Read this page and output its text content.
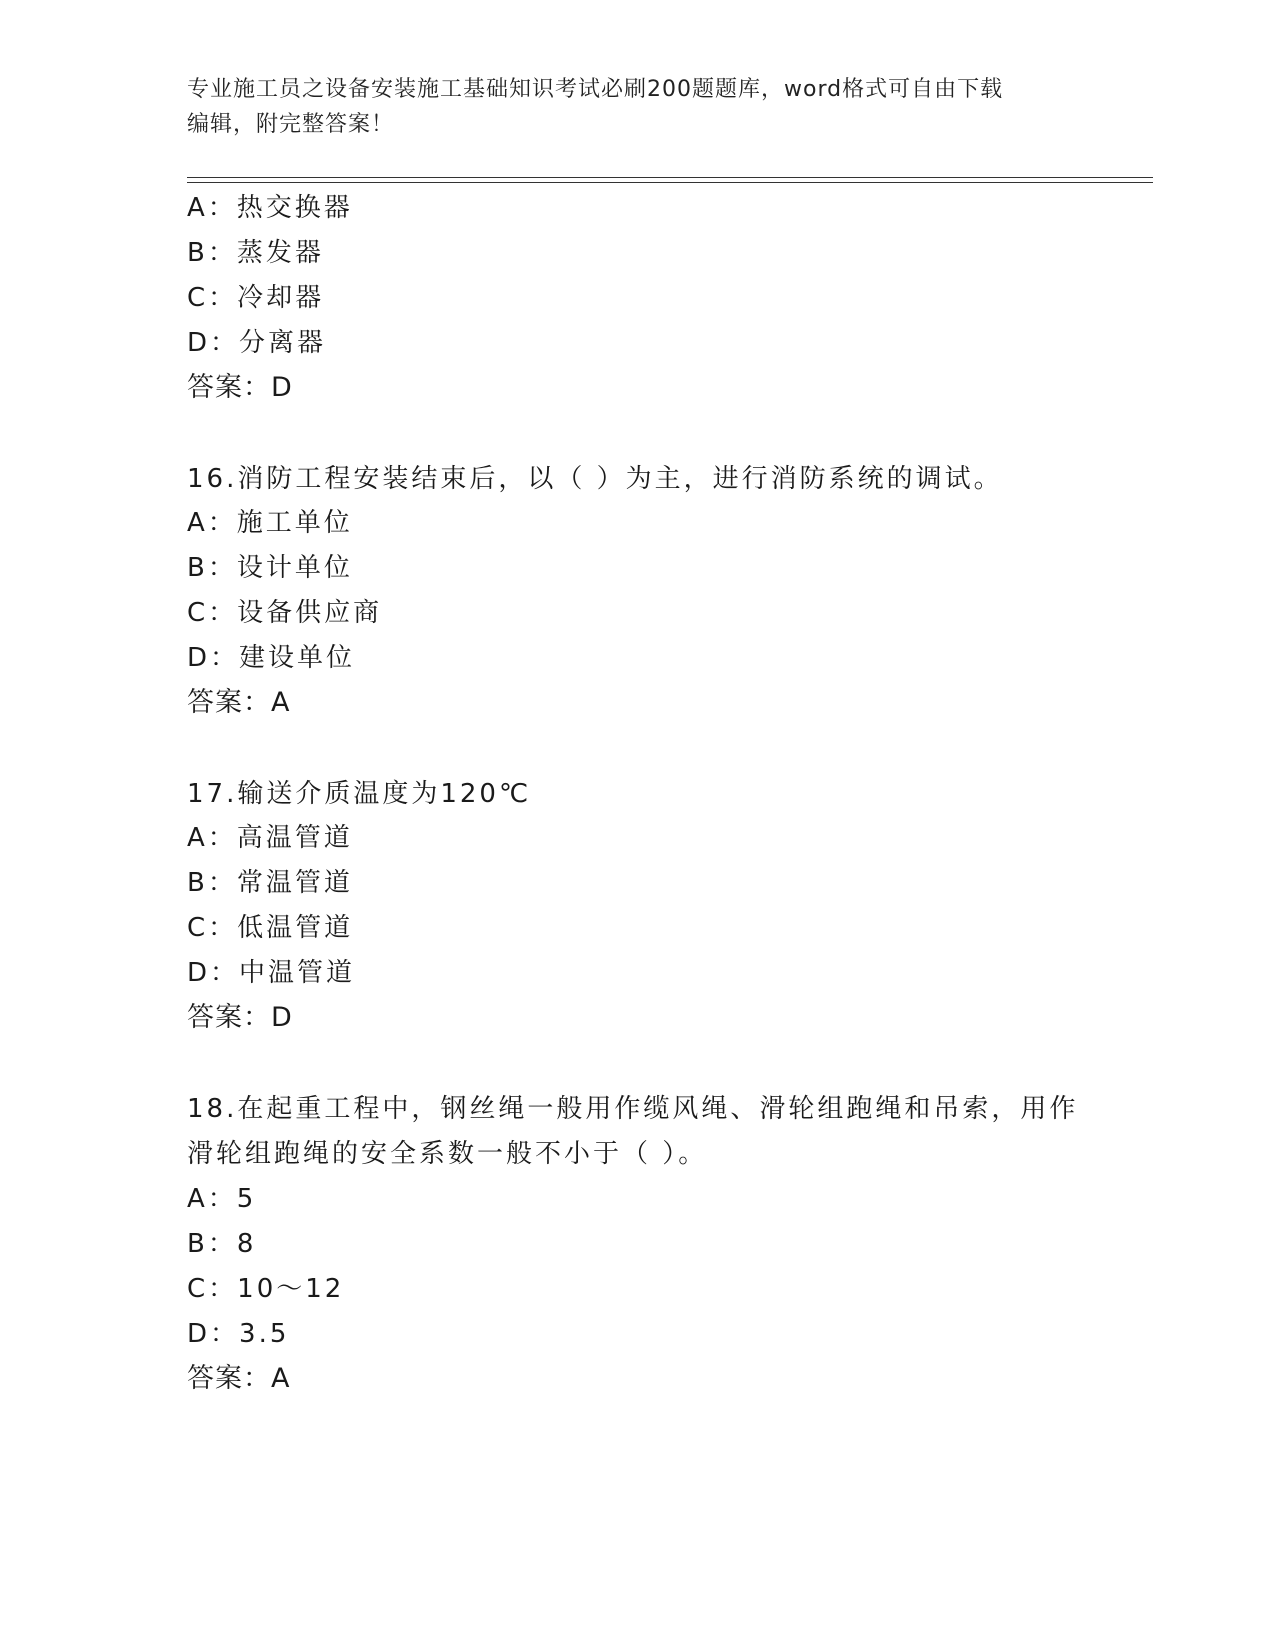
专业施工员之设备安装施工基础知识考试必刷200题题库，word格式可自由下载
编辑，附完整答案！
A：热交换器
B：蒸发器
C：冷却器
D：分离器
答案：D
16.消防工程安装结束后，以（ ）为主，进行消防系统的调试。
A：施工单位
B：设计单位
C：设备供应商
D：建设单位
答案：A
17.输送介质温度为120℃
A：高温管道
B：常温管道
C：低温管道
D：中温管道
答案：D
18.在起重工程中，钢丝绳一般用作缆风绳、滑轮组跑绳和吊索，用作
滑轮组跑绳的安全系数一般不小于（ ）。
A：5
B：8
C：10～12
D：3.5
答案：A
